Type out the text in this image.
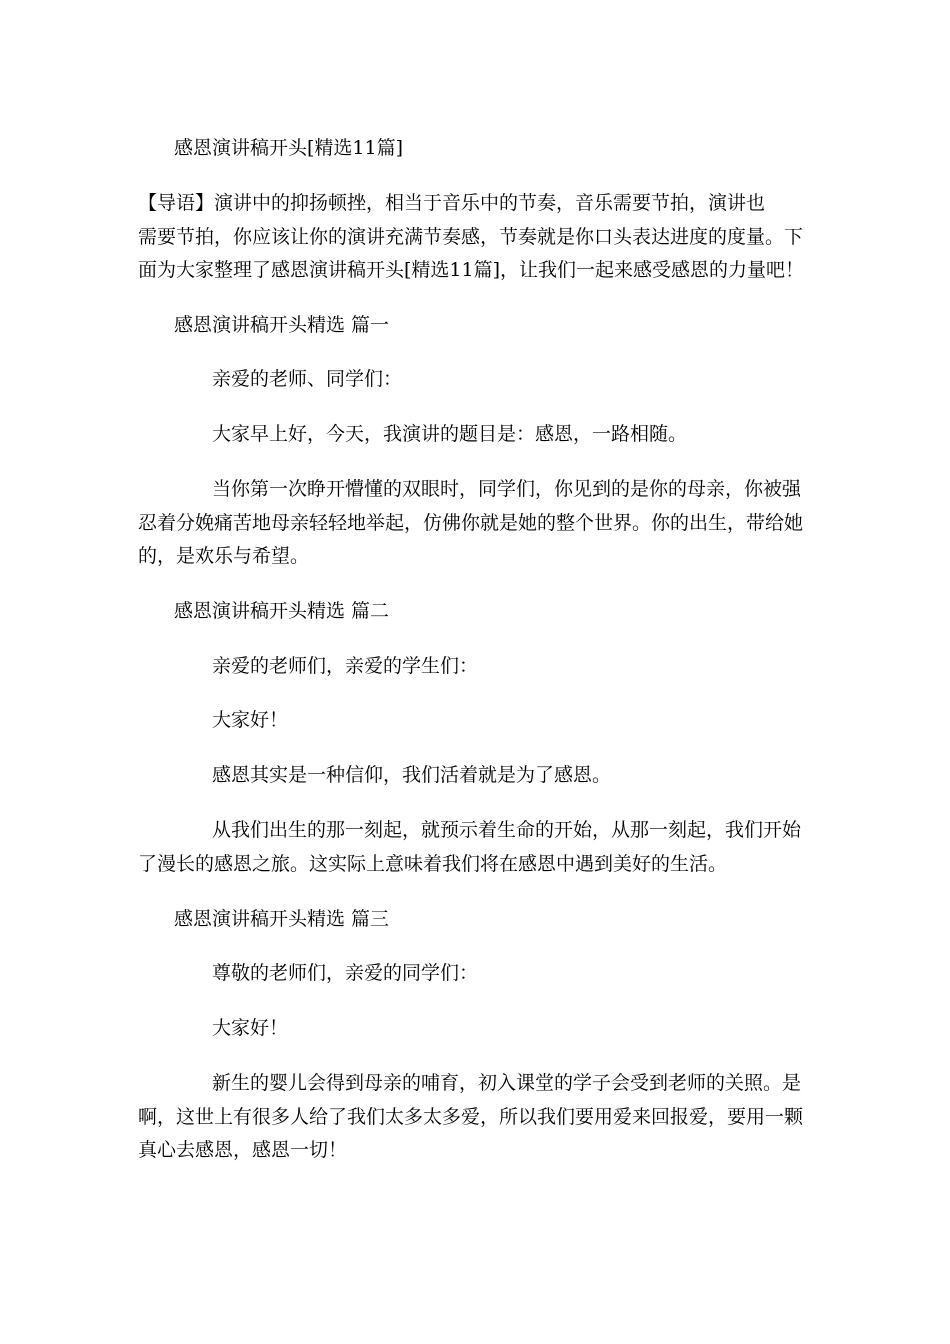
感恩演讲稿开头[精选11篇]
【导语】演讲中的抑扬顿挫，相当于音乐中的节奏，音乐需要节拍，演讲也
需要节拍，你应该让你的演讲充满节奏感，节奏就是你口头表达进度的度量。下
面为大家整理了感恩演讲稿开头[精选11篇]，让我们一起来感受感恩的力量吧！
感恩演讲稿开头精选 篇一
亲爱的老师、同学们：
大家早上好，今天，我演讲的题目是：感恩，一路相随。
当你第一次睁开懵懂的双眼时，同学们，你见到的是你的母亲，你被强
忍着分娩痛苦地母亲轻轻地举起，仿佛你就是她的整个世界。你的出生，带给她
的，是欢乐与希望。
感恩演讲稿开头精选 篇二
亲爱的老师们，亲爱的学生们：
大家好！
感恩其实是一种信仰，我们活着就是为了感恩。
从我们出生的那一刻起，就预示着生命的开始，从那一刻起，我们开始
了漫长的感恩之旅。这实际上意味着我们将在感恩中遇到美好的生活。
感恩演讲稿开头精选 篇三
尊敬的老师们，亲爱的同学们：
大家好！
新生的婴儿会得到母亲的哺育，初入课堂的学子会受到老师的关照。是
啊，这世上有很多人给了我们太多太多爱，所以我们要用爱来回报爱，要用一颗
真心去感恩，感恩一切！
